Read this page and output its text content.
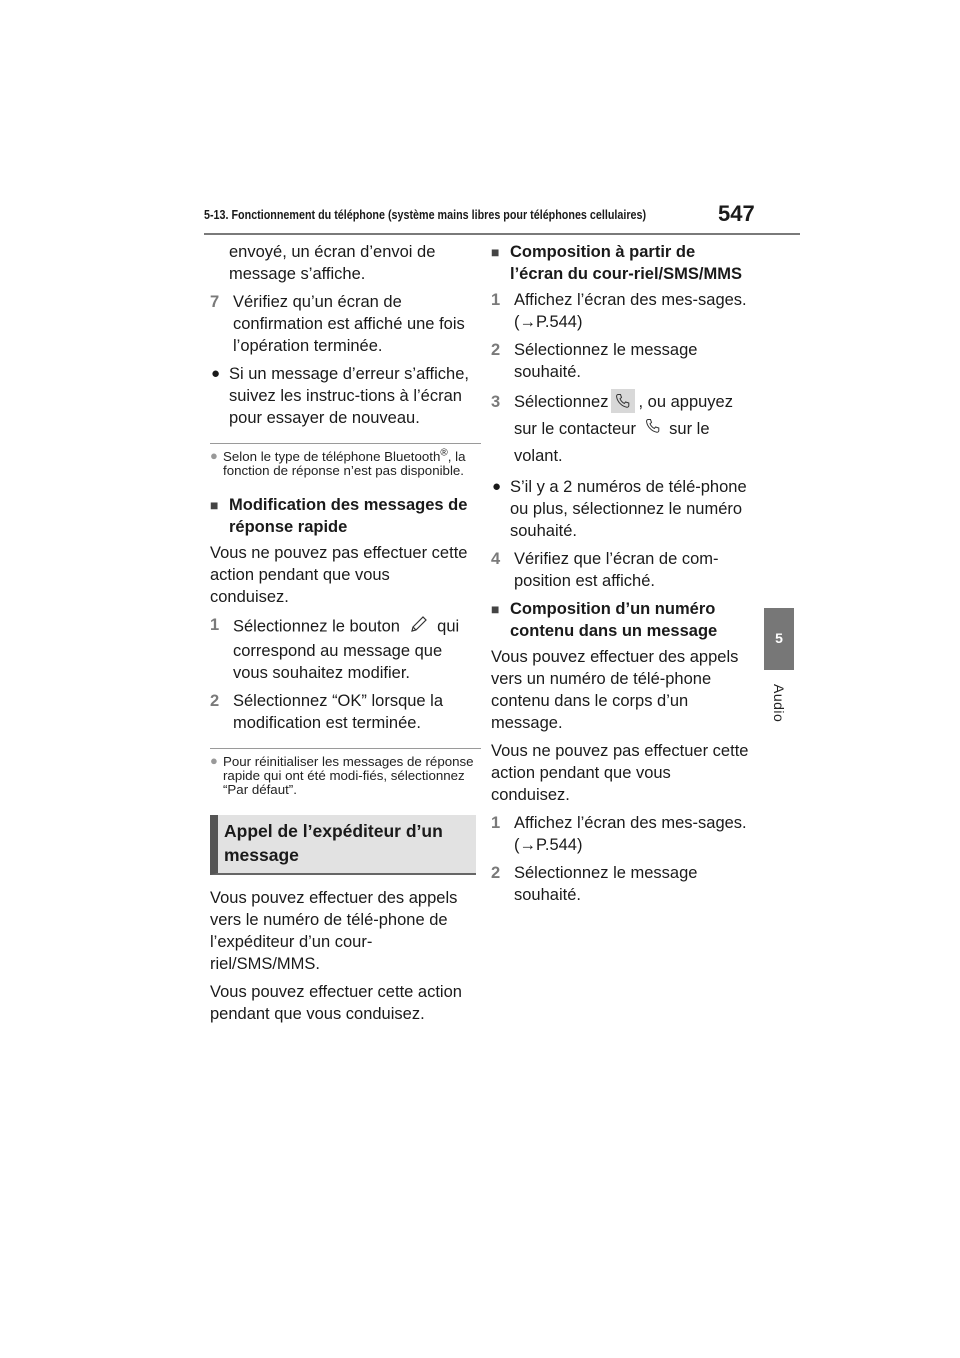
5-13. Fonctionnement du téléphone (système mains libres pour téléphones cellulaires)	547
5
Audio

envoyé, un écran d’envoi de
message s’affiche.

7 Vérifiez qu’un écran de confirmation est affiché une fois l’opération terminée.
● Si un message d’erreur s’affiche, suivez les instruc-tions à l’écran pour essayer de nouveau.
● Selon le type de téléphone Bluetooth®, la fonction de réponse n’est pas disponible.
■ Modification des messages de réponse rapide

Vous ne pouvez pas effectuer cette action pendant que vous conduisez.

1 Sélectionnez le bouton qui correspond au message que vous souhaitez modifier.
2 Sélectionnez “OK” lorsque la modification est terminée.
● Pour réinitialiser les messages de réponse rapide qui ont été modi-fiés, sélectionnez “Par défaut”.
Appel de l’expéditeur d’un message

Vous pouvez effectuer des appels vers le numéro de télé-phone de l’expéditeur d’un cour-riel/SMS/MMS.

Vous pouvez effectuer cette action pendant que vous conduisez.

■ Composition à partir de l’écran du cour-riel/SMS/MMS
1 Affichez l’écran des mes-sages. (→P.544)
2 Sélectionnez le message souhaité.
3 Sélectionnez , ou appuyez
sur le contacteur sur le
volant.
● S’il y a 2 numéros de télé-phone ou plus, sélectionnez le numéro souhaité.
4 Vérifiez que l’écran de com-position est affiché.
■ Composition d’un numéro contenu dans un message

Vous pouvez effectuer des appels vers un numéro de télé-phone contenu dans le corps d’un message.

Vous ne pouvez pas effectuer cette action pendant que vous conduisez.

1 Affichez l’écran des mes-sages. (→P.544)
2 Sélectionnez le message souhaité.
